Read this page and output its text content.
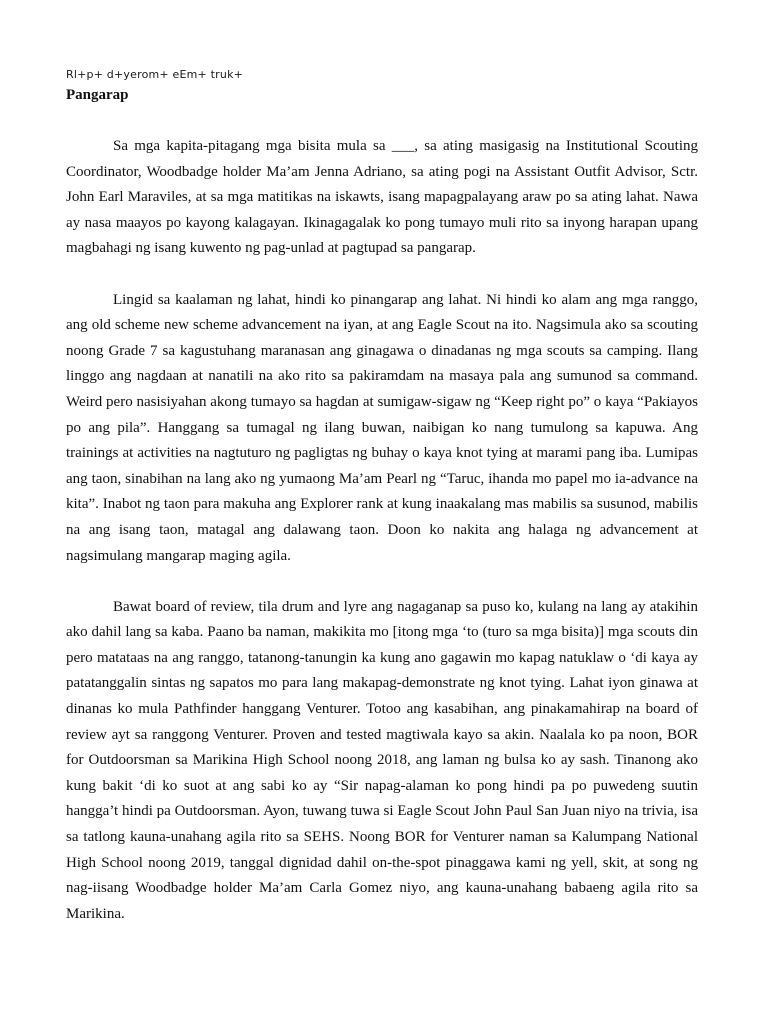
Rl+p+ d+yerom+ eEm+ truk+
Pangarap

Sa mga kapita-pitagang mga bisita mula sa ___, sa ating masigasig na Institutional Scouting Coordinator, Woodbadge holder Ma’am Jenna Adriano, sa ating pogi na Assistant Outfit Advisor, Sctr. John Earl Maraviles, at sa mga matitikas na iskawts, isang mapagpalayang araw po sa ating lahat. Nawa ay nasa maayos po kayong kalagayan. Ikinagagalak ko pong tumayo muli rito sa inyong harapan upang magbahagi ng isang kuwento ng pag-unlad at pagtupad sa pangarap.

Lingid sa kaalaman ng lahat, hindi ko pinangarap ang lahat. Ni hindi ko alam ang mga ranggo, ang old scheme new scheme advancement na iyan, at ang Eagle Scout na ito. Nagsimula ako sa scouting noong Grade 7 sa kagustuhang maranasan ang ginagawa o dinadanas ng mga scouts sa camping. Ilang linggo ang nagdaan at nanatili na ako rito sa pakiramdam na masaya pala ang sumunod sa command. Weird pero nasisiyahan akong tumayo sa hagdan at sumigaw-sigaw ng “Keep right po” o kaya “Pakiayos po ang pila”. Hanggang sa tumagal ng ilang buwan, naibigan ko nang tumulong sa kapuwa. Ang trainings at activities na nagtuturo ng pagligtas ng buhay o kaya knot tying at marami pang iba. Lumipas ang taon, sinabihan na lang ako ng yumaong Ma’am Pearl ng “Taruc, ihanda mo papel mo ia-advance na kita”. Inabot ng taon para makuha ang Explorer rank at kung inaakalang mas mabilis sa susunod, mabilis na ang isang taon, matagal ang dalawang taon. Doon ko nakita ang halaga ng advancement at nagsimulang mangarap maging agila.

Bawat board of review, tila drum and lyre ang nagaganap sa puso ko, kulang na lang ay atakihin ako dahil lang sa kaba. Paano ba naman, makikita mo [itong mga ‘to (turo sa mga bisita)] mga scouts din pero matataas na ang ranggo, tatanong-tanungin ka kung ano gagawin mo kapag natuklaw o ‘di kaya ay patatanggalin sintas ng sapatos mo para lang makapag-demonstrate ng knot tying. Lahat iyon ginawa at dinanas ko mula Pathfinder hanggang Venturer. Totoo ang kasabihan, ang pinakamahirap na board of review ayt sa ranggong Venturer. Proven and tested magtiwala kayo sa akin. Naalala ko pa noon, BOR for Outdoorsman sa Marikina High School noong 2018, ang laman ng bulsa ko ay sash. Tinanong ako kung bakit ‘di ko suot at ang sabi ko ay “Sir napag-alaman ko pong hindi pa po puwedeng suutin hangga’t hindi pa Outdoorsman. Ayon, tuwang tuwa si Eagle Scout John Paul San Juan niyo na trivia, isa sa tatlong kauna-unahang agila rito sa SEHS. Noong BOR for Venturer naman sa Kalumpang National High School noong 2019, tanggal dignidad dahil on-the-spot pinaggawa kami ng yell, skit, at song ng nag-iisang Woodbadge holder Ma’am Carla Gomez niyo, ang kauna-unahang babaeng agila rito sa Marikina.
